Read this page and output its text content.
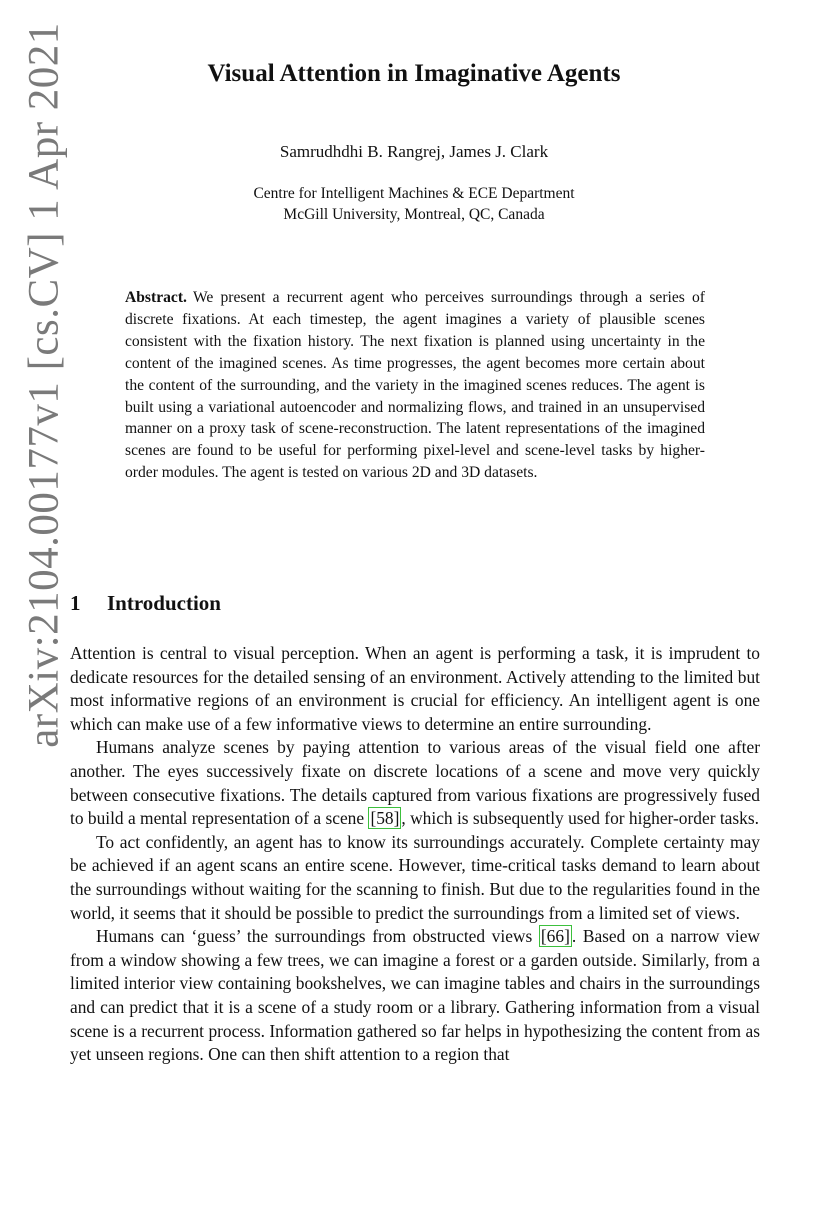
arXiv:2104.00177v1 [cs.CV] 1 Apr 2021	Visual Attention in Imaginative Agents
Samrudhdhi B. Rangrej, James J. Clark
Centre for Intelligent Machines & ECE Department
McGill University, Montreal, QC, Canada
Abstract. We present a recurrent agent who perceives surroundings through a series of discrete fixations. At each timestep, the agent imagines a variety of plausible scenes consistent with the fixation history. The next fixation is planned using uncertainty in the content of the imagined scenes. As time progresses, the agent becomes more certain about the content of the surrounding, and the variety in the imagined scenes reduces. The agent is built using a variational autoencoder and normalizing flows, and trained in an unsupervised manner on a proxy task of scene-reconstruction. The latent representations of the imagined scenes are found to be useful for performing pixel-level and scene-level tasks by higher-order modules. The agent is tested on various 2D and 3D datasets.
1 Introduction

Attention is central to visual perception. When an agent is performing a task, it is imprudent to dedicate resources for the detailed sensing of an environment. Actively attending to the limited but most informative regions of an environment is crucial for efficiency. An intelligent agent is one which can make use of a few informative views to determine an entire surrounding.

Humans analyze scenes by paying attention to various areas of the visual field one after another. The eyes successively fixate on discrete locations of a scene and move very quickly between consecutive fixations. The details captured from various fixations are progressively fused to build a mental representation of a scene [58] , which is subsequently used for higher-order tasks.

To act confidently, an agent has to know its surroundings accurately. Complete certainty may be achieved if an agent scans an entire scene. However, time-critical tasks demand to learn about the surroundings without waiting for the scanning to finish. But due to the regularities found in the world, it seems that it should be possible to predict the surroundings from a limited set of views.

Humans can ‘guess’ the surroundings from obstructed views [66] . Based on a narrow view from a window showing a few trees, we can imagine a forest or a garden outside. Similarly, from a limited interior view containing bookshelves, we can imagine tables and chairs in the surroundings and can predict that it is a scene of a study room or a library. Gathering information from a visual scene is a recurrent process. Information gathered so far helps in hypothesizing the content from as yet unseen regions. One can then shift attention to a region that
